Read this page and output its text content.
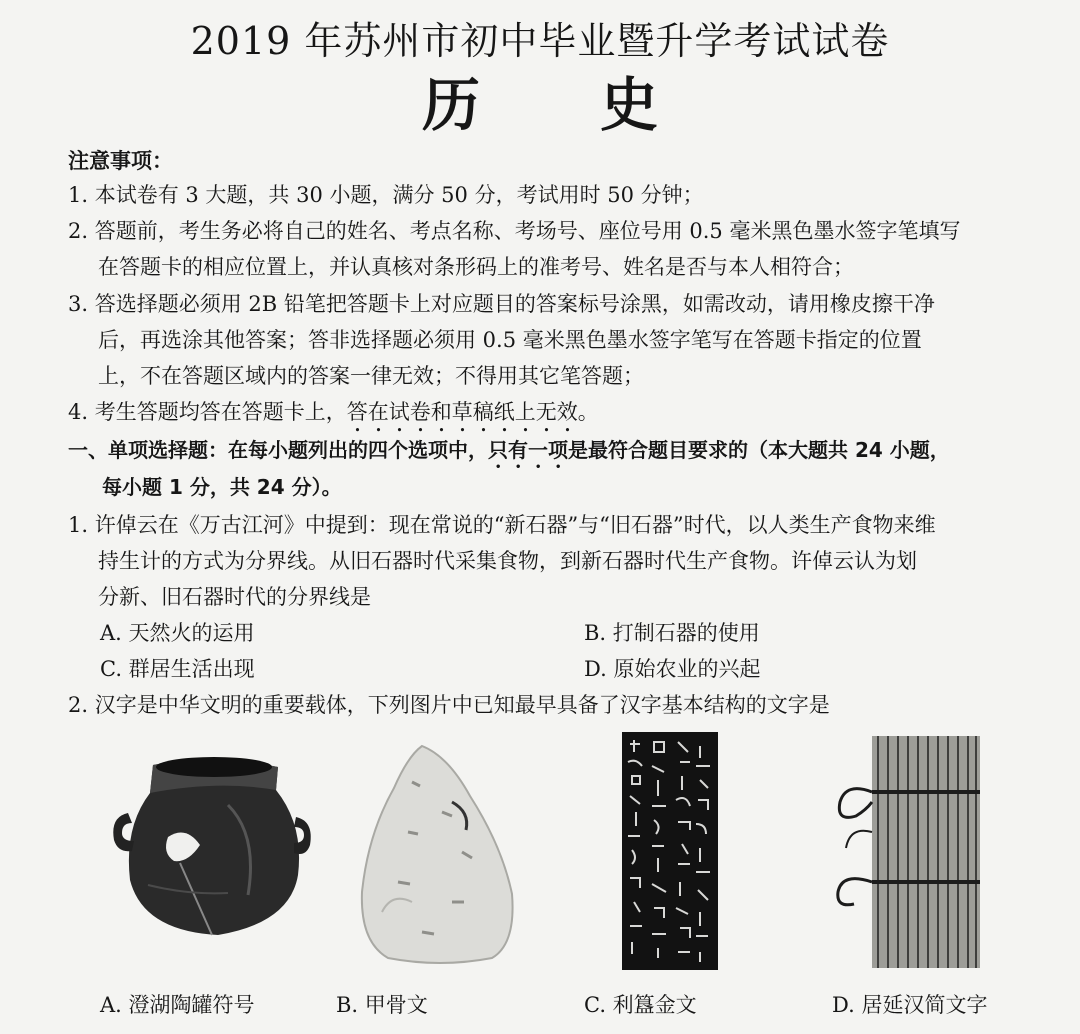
2019 年苏州市初中毕业暨升学考试试卷
历 史
注意事项：
1. 本试卷有 3 大题，共 30 小题，满分 50 分，考试用时 50 分钟；
2. 答题前，考生务必将自己的姓名、考点名称、考场号、座位号用 0.5 毫米黑色墨水签字笔填写
在答题卡的相应位置上，并认真核对条形码上的准考号、姓名是否与本人相符合；
3. 答选择题必须用 2B 铅笔把答题卡上对应题目的答案标号涂黑，如需改动，请用橡皮擦干净
后，再选涂其他答案；答非选择题必须用 0.5 毫米黑色墨水签字笔写在答题卡指定的位置
上，不在答题区域内的答案一律无效；不得用其它笔答题；
4. 考生答题均答在答题卡上，答在试卷和草稿纸上无效。
一、单项选择题：在每小题列出的四个选项中，只有一项是最符合题目要求的（本大题共 24 小题，
每小题 1 分，共 24 分）。
1. 许倬云在《万古江河》中提到：现在常说的“新石器”与“旧石器”时代，以人类生产食物来维
持生计的方式为分界线。从旧石器时代采集食物，到新石器时代生产食物。许倬云认为划
分新、旧石器时代的分界线是
A. 天然火的运用	B. 打制石器的使用
C. 群居生活出现	D. 原始农业的兴起
2. 汉字是中华文明的重要载体，下列图片中已知最早具备了汉字基本结构的文字是
A. 澄湖陶罐符号	B. 甲骨文	C. 利簋金文	D. 居延汉简文字
